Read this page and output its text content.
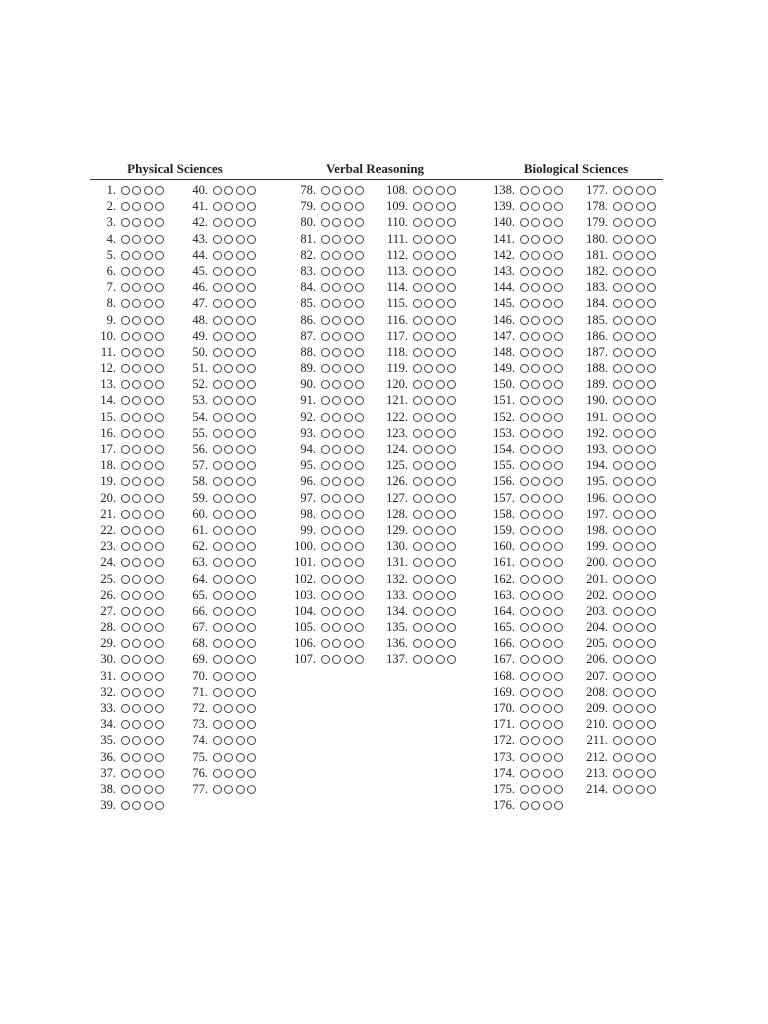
Physical Sciences	Verbal Reasoning	Biological Sciences
1.
2.
3.
4.
5.
6.
7.
8.
9.
10.
11.
12.
13.
14.
15.
16.
17.
18.
19.
20.
21.
22.
23.
24.
25.
26.
27.
28.
29.
30.
31.
32.
33.
34.
35.
36.
37.
38.
39.
40.
41.
42.
43.
44.
45.
46.
47.
48.
49.
50.
51.
52.
53.
54.
55.
56.
57.
58.
59.
60.
61.
62.
63.
64.
65.
66.
67.
68.
69.
70.
71.
72.
73.
74.
75.
76.
77.
78.
79.
80.
81.
82.
83.
84.
85.
86.
87.
88.
89.
90.
91.
92.
93.
94.
95.
96.
97.
98.
99.
100.
101.
102.
103.
104.
105.
106.
107.
108.
109.
110.
111.
112.
113.
114.
115.
116.
117.
118.
119.
120.
121.
122.
123.
124.
125.
126.
127.
128.
129.
130.
131.
132.
133.
134.
135.
136.
137.
138.
139.
140.
141.
142.
143.
144.
145.
146.
147.
148.
149.
150.
151.
152.
153.
154.
155.
156.
157.
158.
159.
160.
161.
162.
163.
164.
165.
166.
167.
168.
169.
170.
171.
172.
173.
174.
175.
176.
177.
178.
179.
180.
181.
182.
183.
184.
185.
186.
187.
188.
189.
190.
191.
192.
193.
194.
195.
196.
197.
198.
199.
200.
201.
202.
203.
204.
205.
206.
207.
208.
209.
210.
211.
212.
213.
214.
